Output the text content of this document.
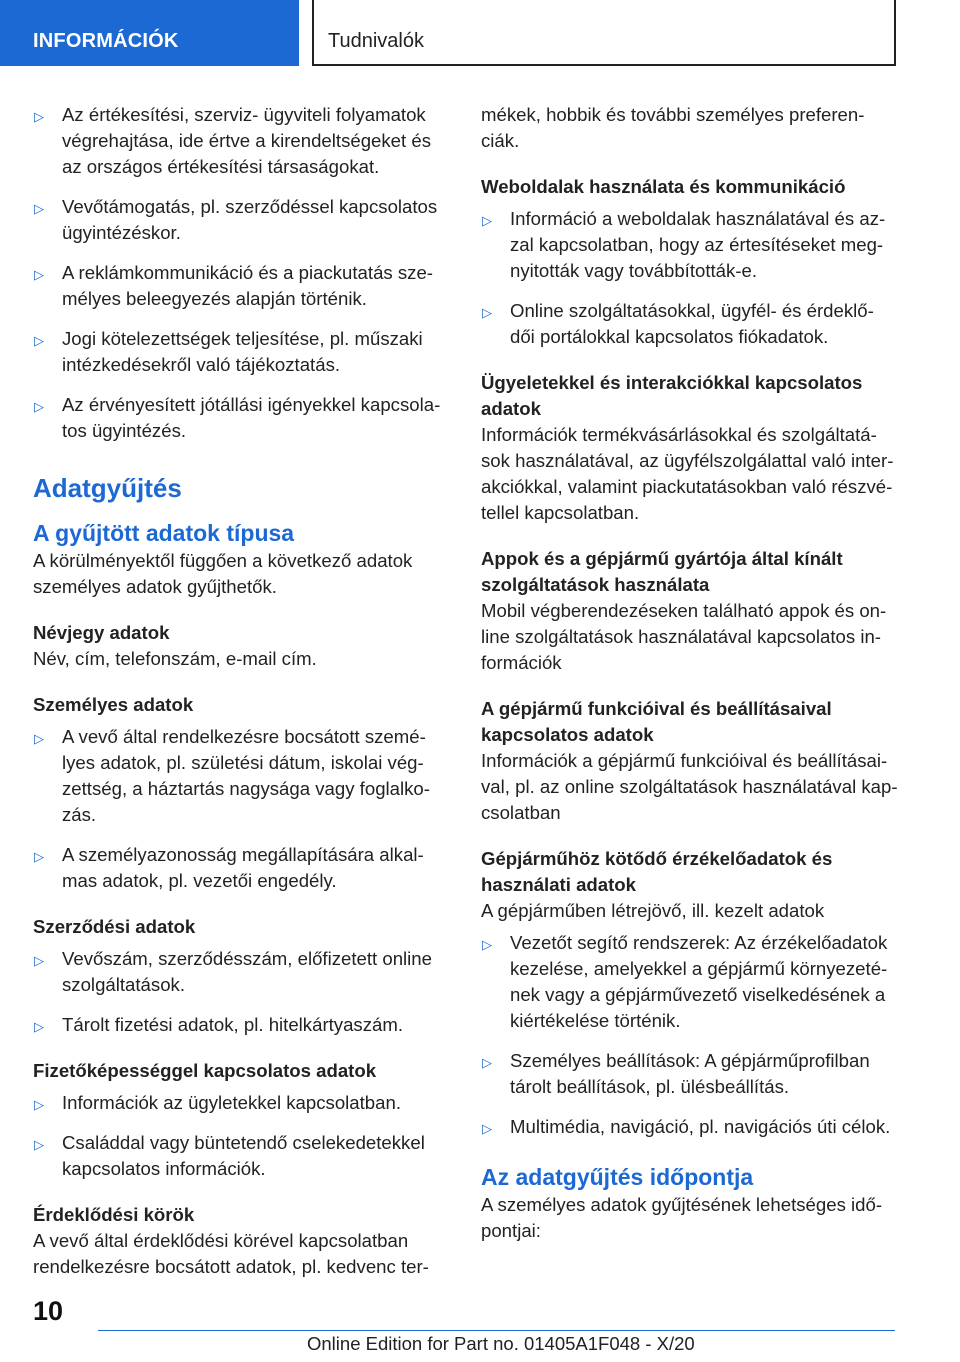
INFORMÁCIÓK	Tudnivalók
▷ Az értékesítési, szerviz- ügyviteli folyamatok végrehajtása, ide értve a kirendeltségeket és az országos értékesítési társaságokat.
▷ Vevőtámogatás, pl. szerződéssel kapcsolatos ügyintézéskor.
▷ A reklámkommunikáció és a piackutatás sze- mélyes beleegyezés alapján történik.
▷ Jogi kötelezettségek teljesítése, pl. műszaki intézkedésekről való tájékoztatás.
▷ Az érvényesített jótállási igényekkel kapcsola- tos ügyintézés.
Adatgyűjtés
A gyűjtött adatok típusa

A körülményektől függően a következő adatok személyes adatok gyűjthetők.

Névjegy adatok

Név, cím, telefonszám, e-mail cím.

Személyes adatok
▷ A vevő által rendelkezésre bocsátott szemé- lyes adatok, pl. születési dátum, iskolai vég- zettség, a háztartás nagysága vagy foglalko- zás.
▷ A személyazonosság megállapítására alkal- mas adatok, pl. vezetői engedély.
Szerződési adatok
▷ Vevőszám, szerződésszám, előfizetett online szolgáltatások.
▷ Tárolt fizetési adatok, pl. hitelkártyaszám.
Fizetőképességgel kapcsolatos adatok
▷ Információk az ügyletekkel kapcsolatban.
▷ Családdal vagy büntetendő cselekedetekkel kapcsolatos információk.
Érdeklődési körök

A vevő által érdeklődési körével kapcsolatban rendelkezésre bocsátott adatok, pl. kedvenc ter-

mékek, hobbik és további személyes preferen- ciák.

Weboldalak használata és kommunikáció
▷ Információ a weboldalak használatával és az- zal kapcsolatban, hogy az értesítéseket meg- nyitották vagy továbbították-e.
▷ Online szolgáltatásokkal, ügyfél- és érdeklő- dői portálokkal kapcsolatos fiókadatok.
Ügyeletekkel és interakciókkal kapcsolatos adatok

Információk termékvásárlásokkal és szolgáltatá- sok használatával, az ügyfélszolgálattal való inter- akciókkal, valamint piackutatásokban való részvé- tellel kapcsolatban.

Appok és a gépjármű gyártója által kínált szolgáltatások használata

Mobil végberendezéseken található appok és on- line szolgáltatások használatával kapcsolatos in- formációk

A gépjármű funkcióival és beállításaival kapcsolatos adatok

Információk a gépjármű funkcióival és beállításai- val, pl. az online szolgáltatások használatával kap- csolatban

Gépjárműhöz kötődő érzékelőadatok és használati adatok

A gépjárműben létrejövő, ill. kezelt adatok

▷ Vezetőt segítő rendszerek: Az érzékelőadatok kezelése, amelyekkel a gépjármű környezeté- nek vagy a gépjárművezető viselkedésének a kiértékelése történik.
▷ Személyes beállítások: A gépjárműprofilban tárolt beállítások, pl. ülésbeállítás.
▷ Multimédia, navigáció, pl. navigációs úti célok.
Az adatgyűjtés időpontja

A személyes adatok gyűjtésének lehetséges idő- pontjai:

10
Online Edition for Part no. 01405A1F048 - X/20
